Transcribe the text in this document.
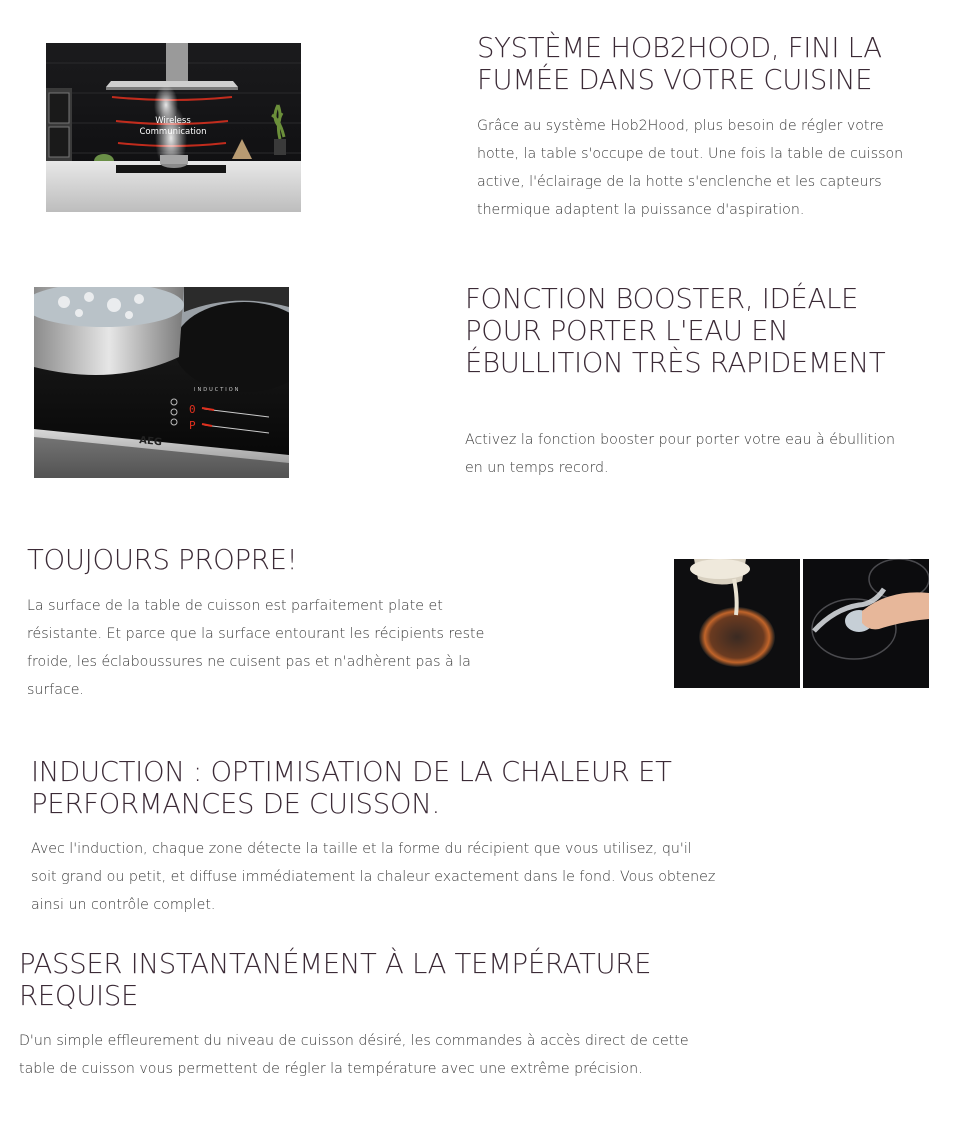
Wireless
Communication
SYSTÈME HOB2HOOD, FINI LA FUMÉE DANS VOTRE CUISINE

Grâce au système Hob2Hood, plus besoin de régler votre hotte, la table s'occupe de tout. Une fois la table de cuisson active, l'éclairage de la hotte s'enclenche et les capteurs thermique adaptent la puissance d'aspiration.

INDUCTION
0
P
AEG
FONCTION BOOSTER, IDÉALE POUR PORTER L'EAU EN ÉBULLITION TRÈS RAPIDEMENT

Activez la fonction booster pour porter votre eau à ébullition en un temps record.

TOUJOURS PROPRE!

La surface de la table de cuisson est parfaitement plate et résistante. Et parce que la surface entourant les récipients reste froide, les éclaboussures ne cuisent pas et n'adhèrent pas à la surface.

INDUCTION : OPTIMISATION DE LA CHALEUR ET PERFORMANCES DE CUISSON.

Avec l'induction, chaque zone détecte la taille et la forme du récipient que vous utilisez, qu'il soit grand ou petit, et diffuse immédiatement la chaleur exactement dans le fond. Vous obtenez ainsi un contrôle complet.

PASSER INSTANTANÉMENT À LA TEMPÉRATURE REQUISE

D'un simple effleurement du niveau de cuisson désiré, les commandes à accès direct de cette table de cuisson vous permettent de régler la température avec une extrême précision.
